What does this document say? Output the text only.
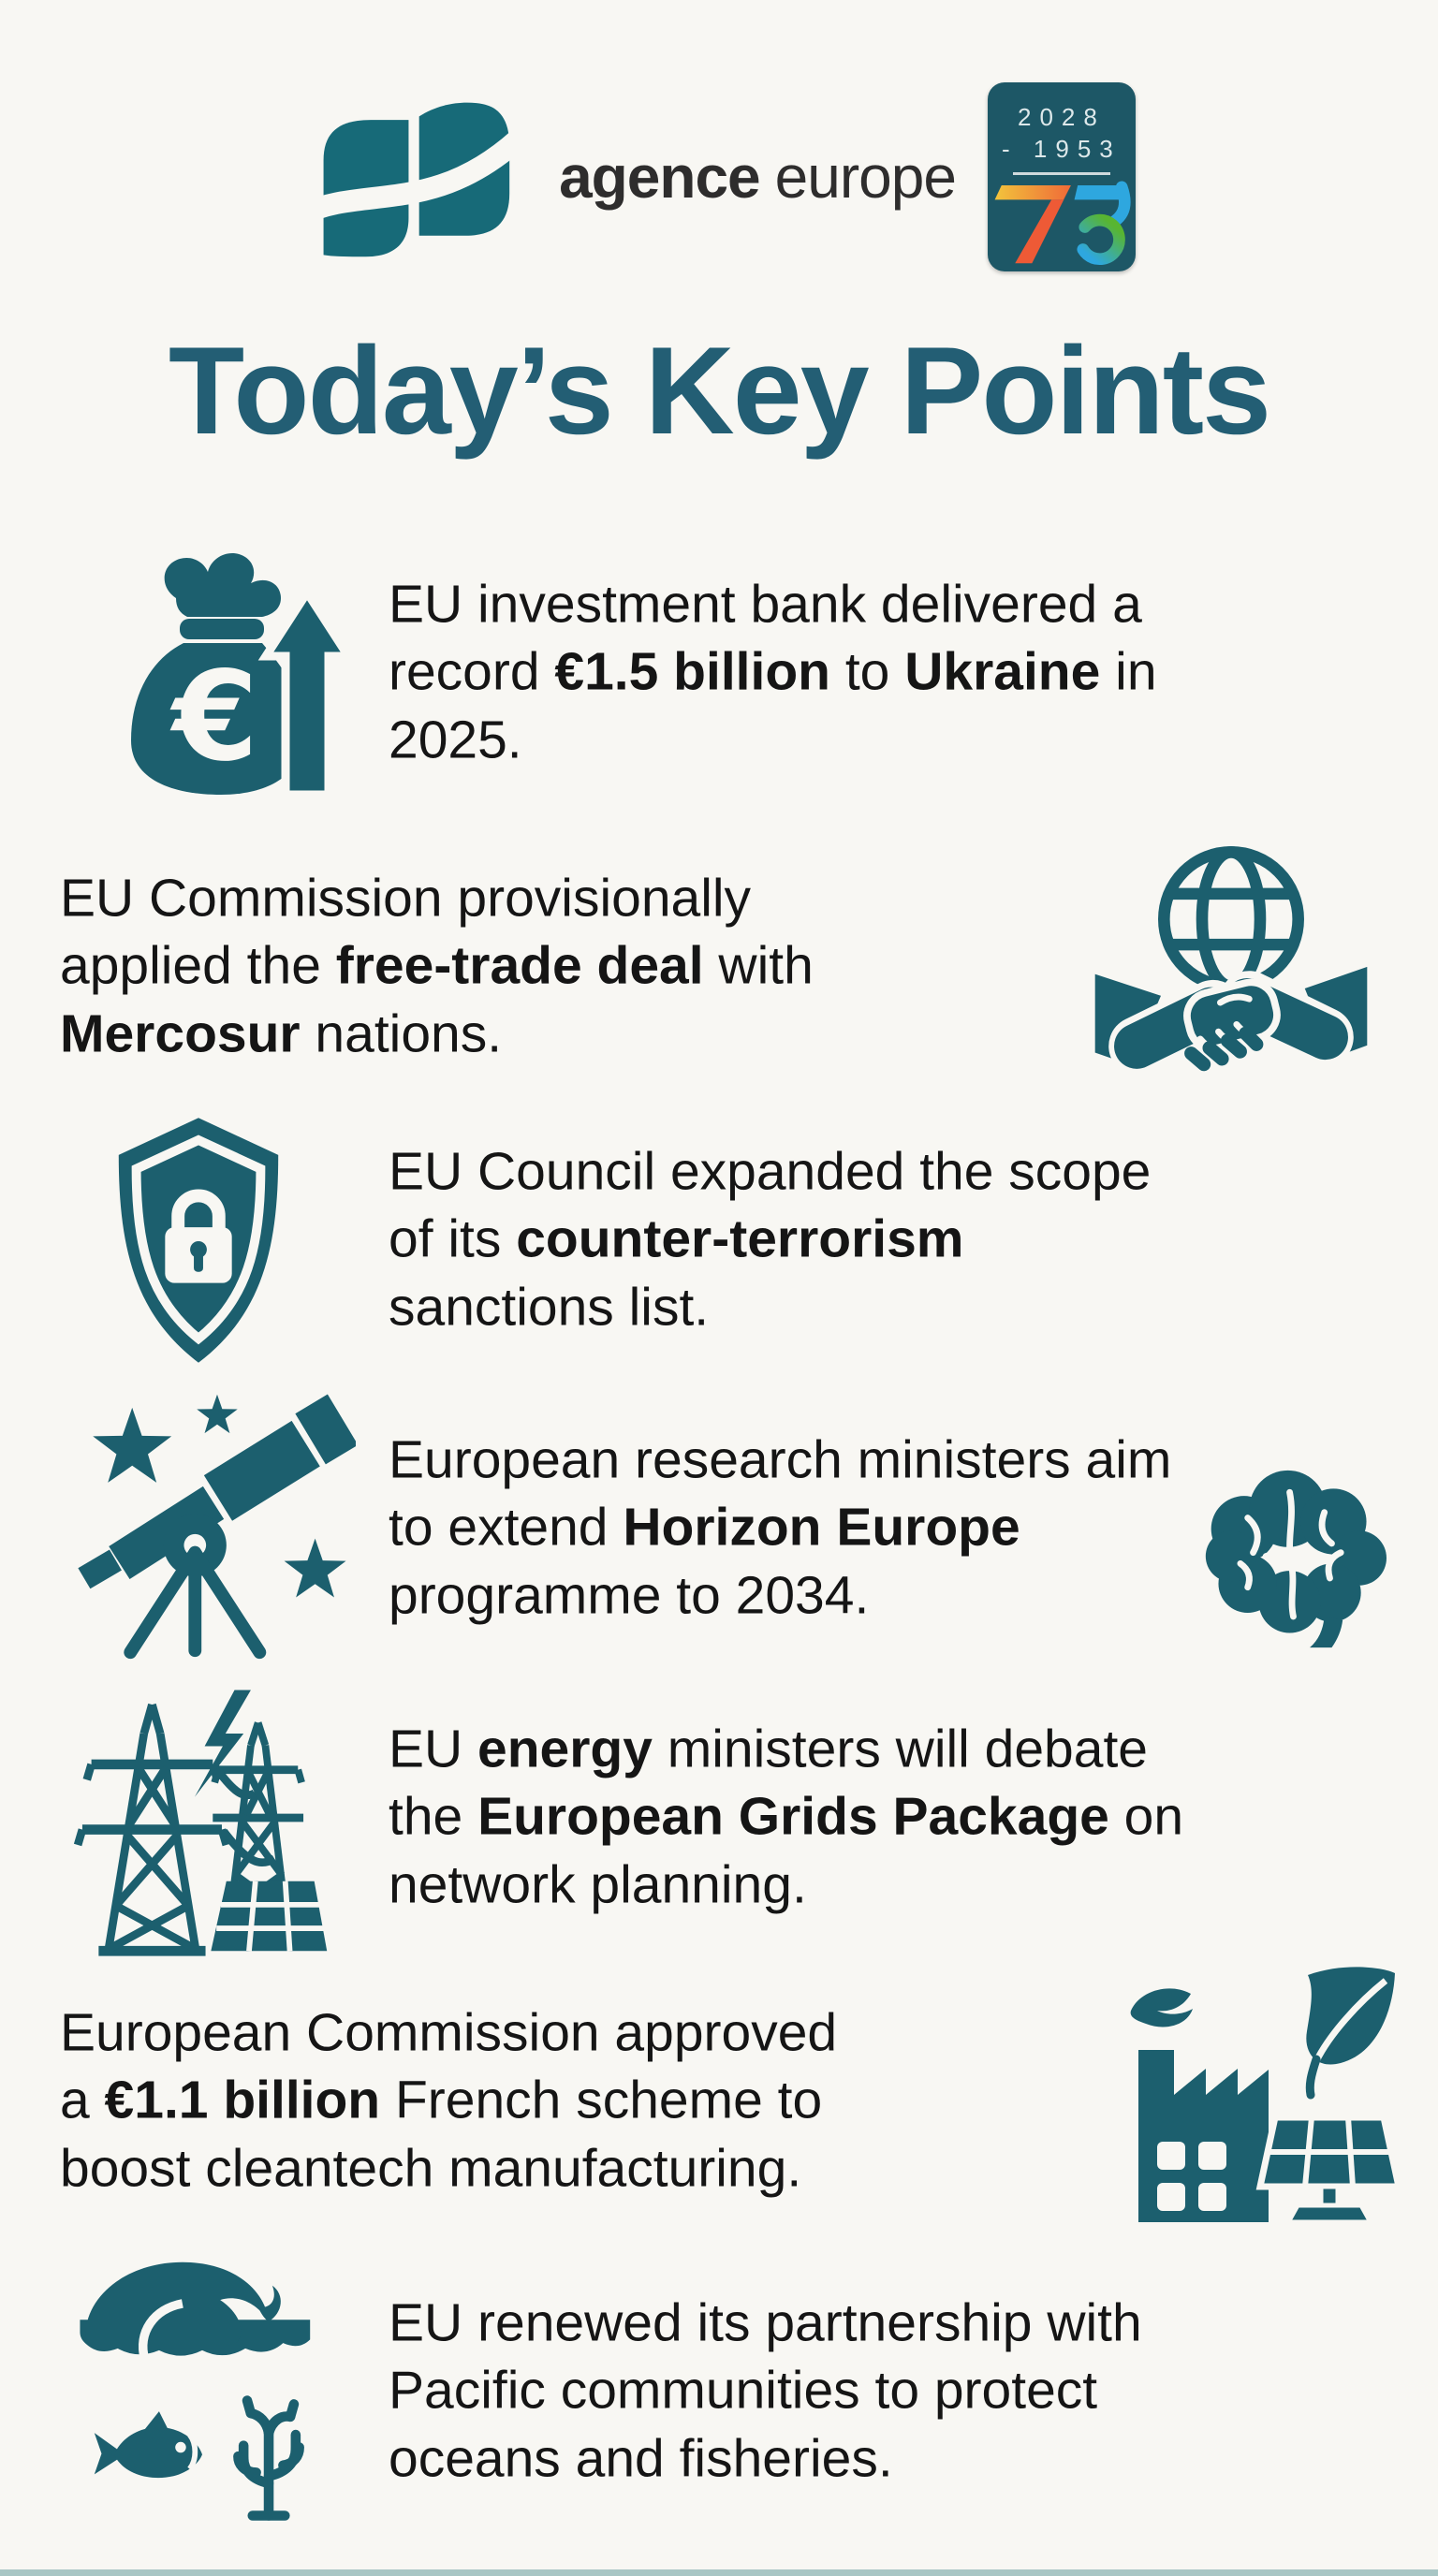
agence europe
2028
- 1953
Today’s Key Points
€
EU investment bank delivered a
record €1.5 billion to Ukraine in
2025.
EU Commission provisionally
applied the free-trade deal with
Mercosur nations.
EU Council expanded the scope
of its counter-terrorism
sanctions list.
European research ministers aim
to extend Horizon Europe
programme to 2034.
EU energy ministers will debate
the European Grids Package on
network planning.
European Commission approved
a €1.1 billion French scheme to
boost cleantech manufacturing.
EU renewed its partnership with
Pacific communities to protect
oceans and fisheries.
